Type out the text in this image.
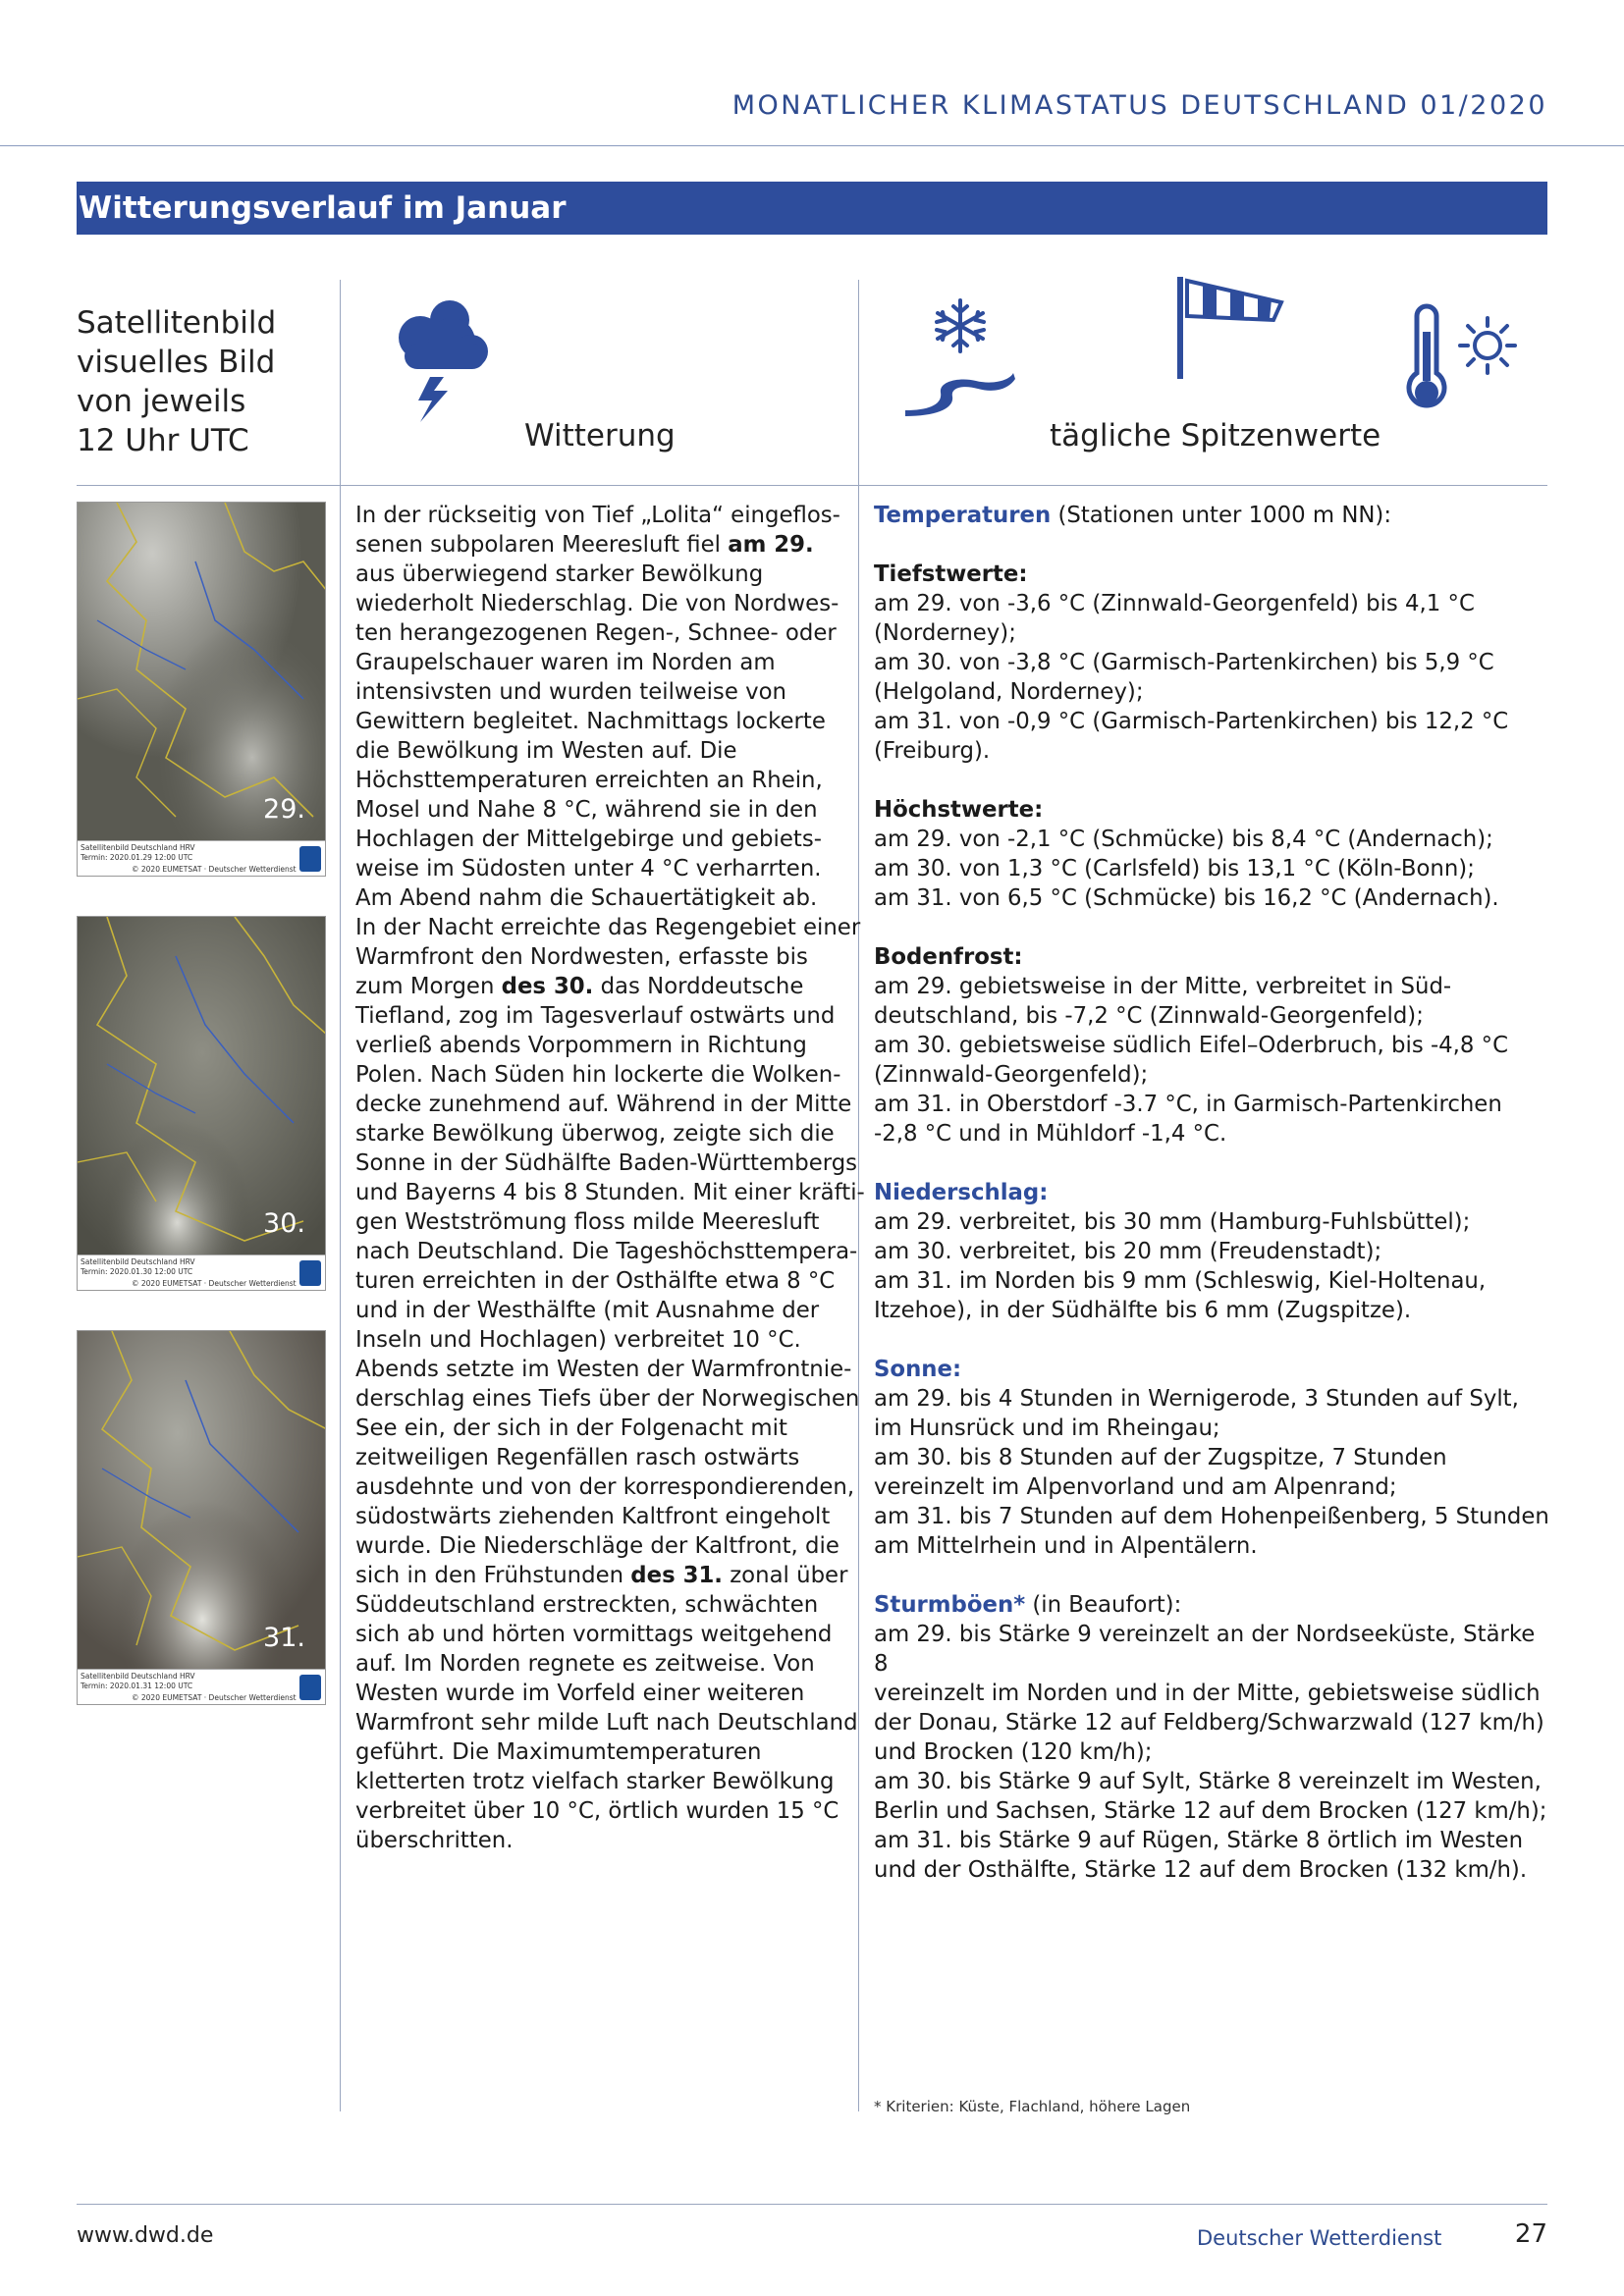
MONATLICHER KLIMASTATUS DEUTSCHLAND 01/2020
Witterungsverlauf im Januar
Satellitenbild
visuelles Bild
von jeweils
12 Uhr UTC	Witterung	tägliche Spitzenwerte
29.
Satellitenbild Deutschland HRV
Termin: 2020.01.29 12:00 UTC
© 2020 EUMETSAT · Deutscher Wetterdienst
30.
Satellitenbild Deutschland HRV
Termin: 2020.01.30 12:00 UTC
© 2020 EUMETSAT · Deutscher Wetterdienst
31.
Satellitenbild Deutschland HRV
Termin: 2020.01.31 12:00 UTC
© 2020 EUMETSAT · Deutscher Wetterdienst
In der rückseitig von Tief „Lolita“ eingeflos-
senen subpolaren Meeresluft fiel am 29.
aus überwiegend starker Bewölkung
wiederholt Niederschlag. Die von Nordwes-
ten herangezogenen Regen-, Schnee- oder
Graupelschauer waren im Norden am
intensivsten und wurden teilweise von
Gewittern begleitet. Nachmittags lockerte
die Bewölkung im Westen auf. Die
Höchsttemperaturen erreichten an Rhein,
Mosel und Nahe 8 °C, während sie in den
Hochlagen der Mittelgebirge und gebiets-
weise im Südosten unter 4 °C verharrten.
Am Abend nahm die Schauertätigkeit ab.
In der Nacht erreichte das Regengebiet einer
Warmfront den Nordwesten, erfasste bis
zum Morgen des 30. das Norddeutsche
Tiefland, zog im Tagesverlauf ostwärts und
verließ abends Vorpommern in Richtung
Polen. Nach Süden hin lockerte die Wolken-
decke zunehmend auf. Während in der Mitte
starke Bewölkung überwog, zeigte sich die
Sonne in der Südhälfte Baden-Württembergs
und Bayerns 4 bis 8 Stunden. Mit einer kräfti-
gen Westströmung floss milde Meeresluft
nach Deutschland. Die Tageshöchsttempera-
turen erreichten in der Osthälfte etwa 8 °C
und in der Westhälfte (mit Ausnahme der
Inseln und Hochlagen) verbreitet 10 °C.
Abends setzte im Westen der Warmfrontnie-
derschlag eines Tiefs über der Norwegischen
See ein, der sich in der Folgenacht mit
zeitweiligen Regenfällen rasch ostwärts
ausdehnte und von der korrespondierenden,
südostwärts ziehenden Kaltfront eingeholt
wurde. Die Niederschläge der Kaltfront, die
sich in den Frühstunden des 31. zonal über
Süddeutschland erstreckten, schwächten
sich ab und hörten vormittags weitgehend
auf. Im Norden regnete es zeitweise. Von
Westen wurde im Vorfeld einer weiteren
Warmfront sehr milde Luft nach Deutschland
geführt. Die Maximumtemperaturen
kletterten trotz vielfach starker Bewölkung
verbreitet über 10 °C, örtlich wurden 15 °C
überschritten.
Temperaturen (Stationen unter 1000 m NN):
Tiefstwerte:
am 29. von -3,6 °C (Zinnwald-Georgenfeld) bis 4,1 °C
(Norderney);
am 30. von -3,8 °C (Garmisch-Partenkirchen) bis 5,9 °C
(Helgoland, Norderney);
am 31. von -0,9 °C (Garmisch-Partenkirchen) bis 12,2 °C
(Freiburg).
Höchstwerte:
am 29. von -2,1 °C (Schmücke) bis 8,4 °C (Andernach);
am 30. von 1,3 °C (Carlsfeld) bis 13,1 °C (Köln-Bonn);
am 31. von 6,5 °C (Schmücke) bis 16,2 °C (Andernach).
Bodenfrost:
am 29. gebietsweise in der Mitte, verbreitet in Süd-
deutschland, bis -7,2 °C (Zinnwald-Georgenfeld);
am 30. gebietsweise südlich Eifel–Oderbruch, bis -4,8 °C
(Zinnwald-Georgenfeld);
am 31. in Oberstdorf -3.7 °C, in Garmisch-Partenkirchen
-2,8 °C und in Mühldorf -1,4 °C.
Niederschlag:
am 29. verbreitet, bis 30 mm (Hamburg-Fuhlsbüttel);
am 30. verbreitet, bis 20 mm (Freudenstadt);
am 31. im Norden bis 9 mm (Schleswig, Kiel-Holtenau,
Itzehoe), in der Südhälfte bis 6 mm (Zugspitze).
Sonne:
am 29. bis 4 Stunden in Wernigerode, 3 Stunden auf Sylt,
im Hunsrück und im Rheingau;
am 30. bis 8 Stunden auf der Zugspitze, 7 Stunden
vereinzelt im Alpenvorland und am Alpenrand;
am 31. bis 7 Stunden auf dem Hohenpeißenberg, 5 Stunden
am Mittelrhein und in Alpentälern.
Sturmböen* (in Beaufort):
am 29. bis Stärke 9 vereinzelt an der Nordseeküste, Stärke 8
vereinzelt im Norden und in der Mitte, gebietsweise südlich
der Donau, Stärke 12 auf Feldberg/Schwarzwald (127 km/h)
und Brocken (120 km/h);
am 30. bis Stärke 9 auf Sylt, Stärke 8 vereinzelt im Westen,
Berlin und Sachsen, Stärke 12 auf dem Brocken (127 km/h);
am 31. bis Stärke 9 auf Rügen, Stärke 8 örtlich im Westen
und der Osthälfte, Stärke 12 auf dem Brocken (132 km/h).
* Kriterien: Küste, Flachland, höhere Lagen
www.dwd.de	Deutscher Wetterdienst	27
